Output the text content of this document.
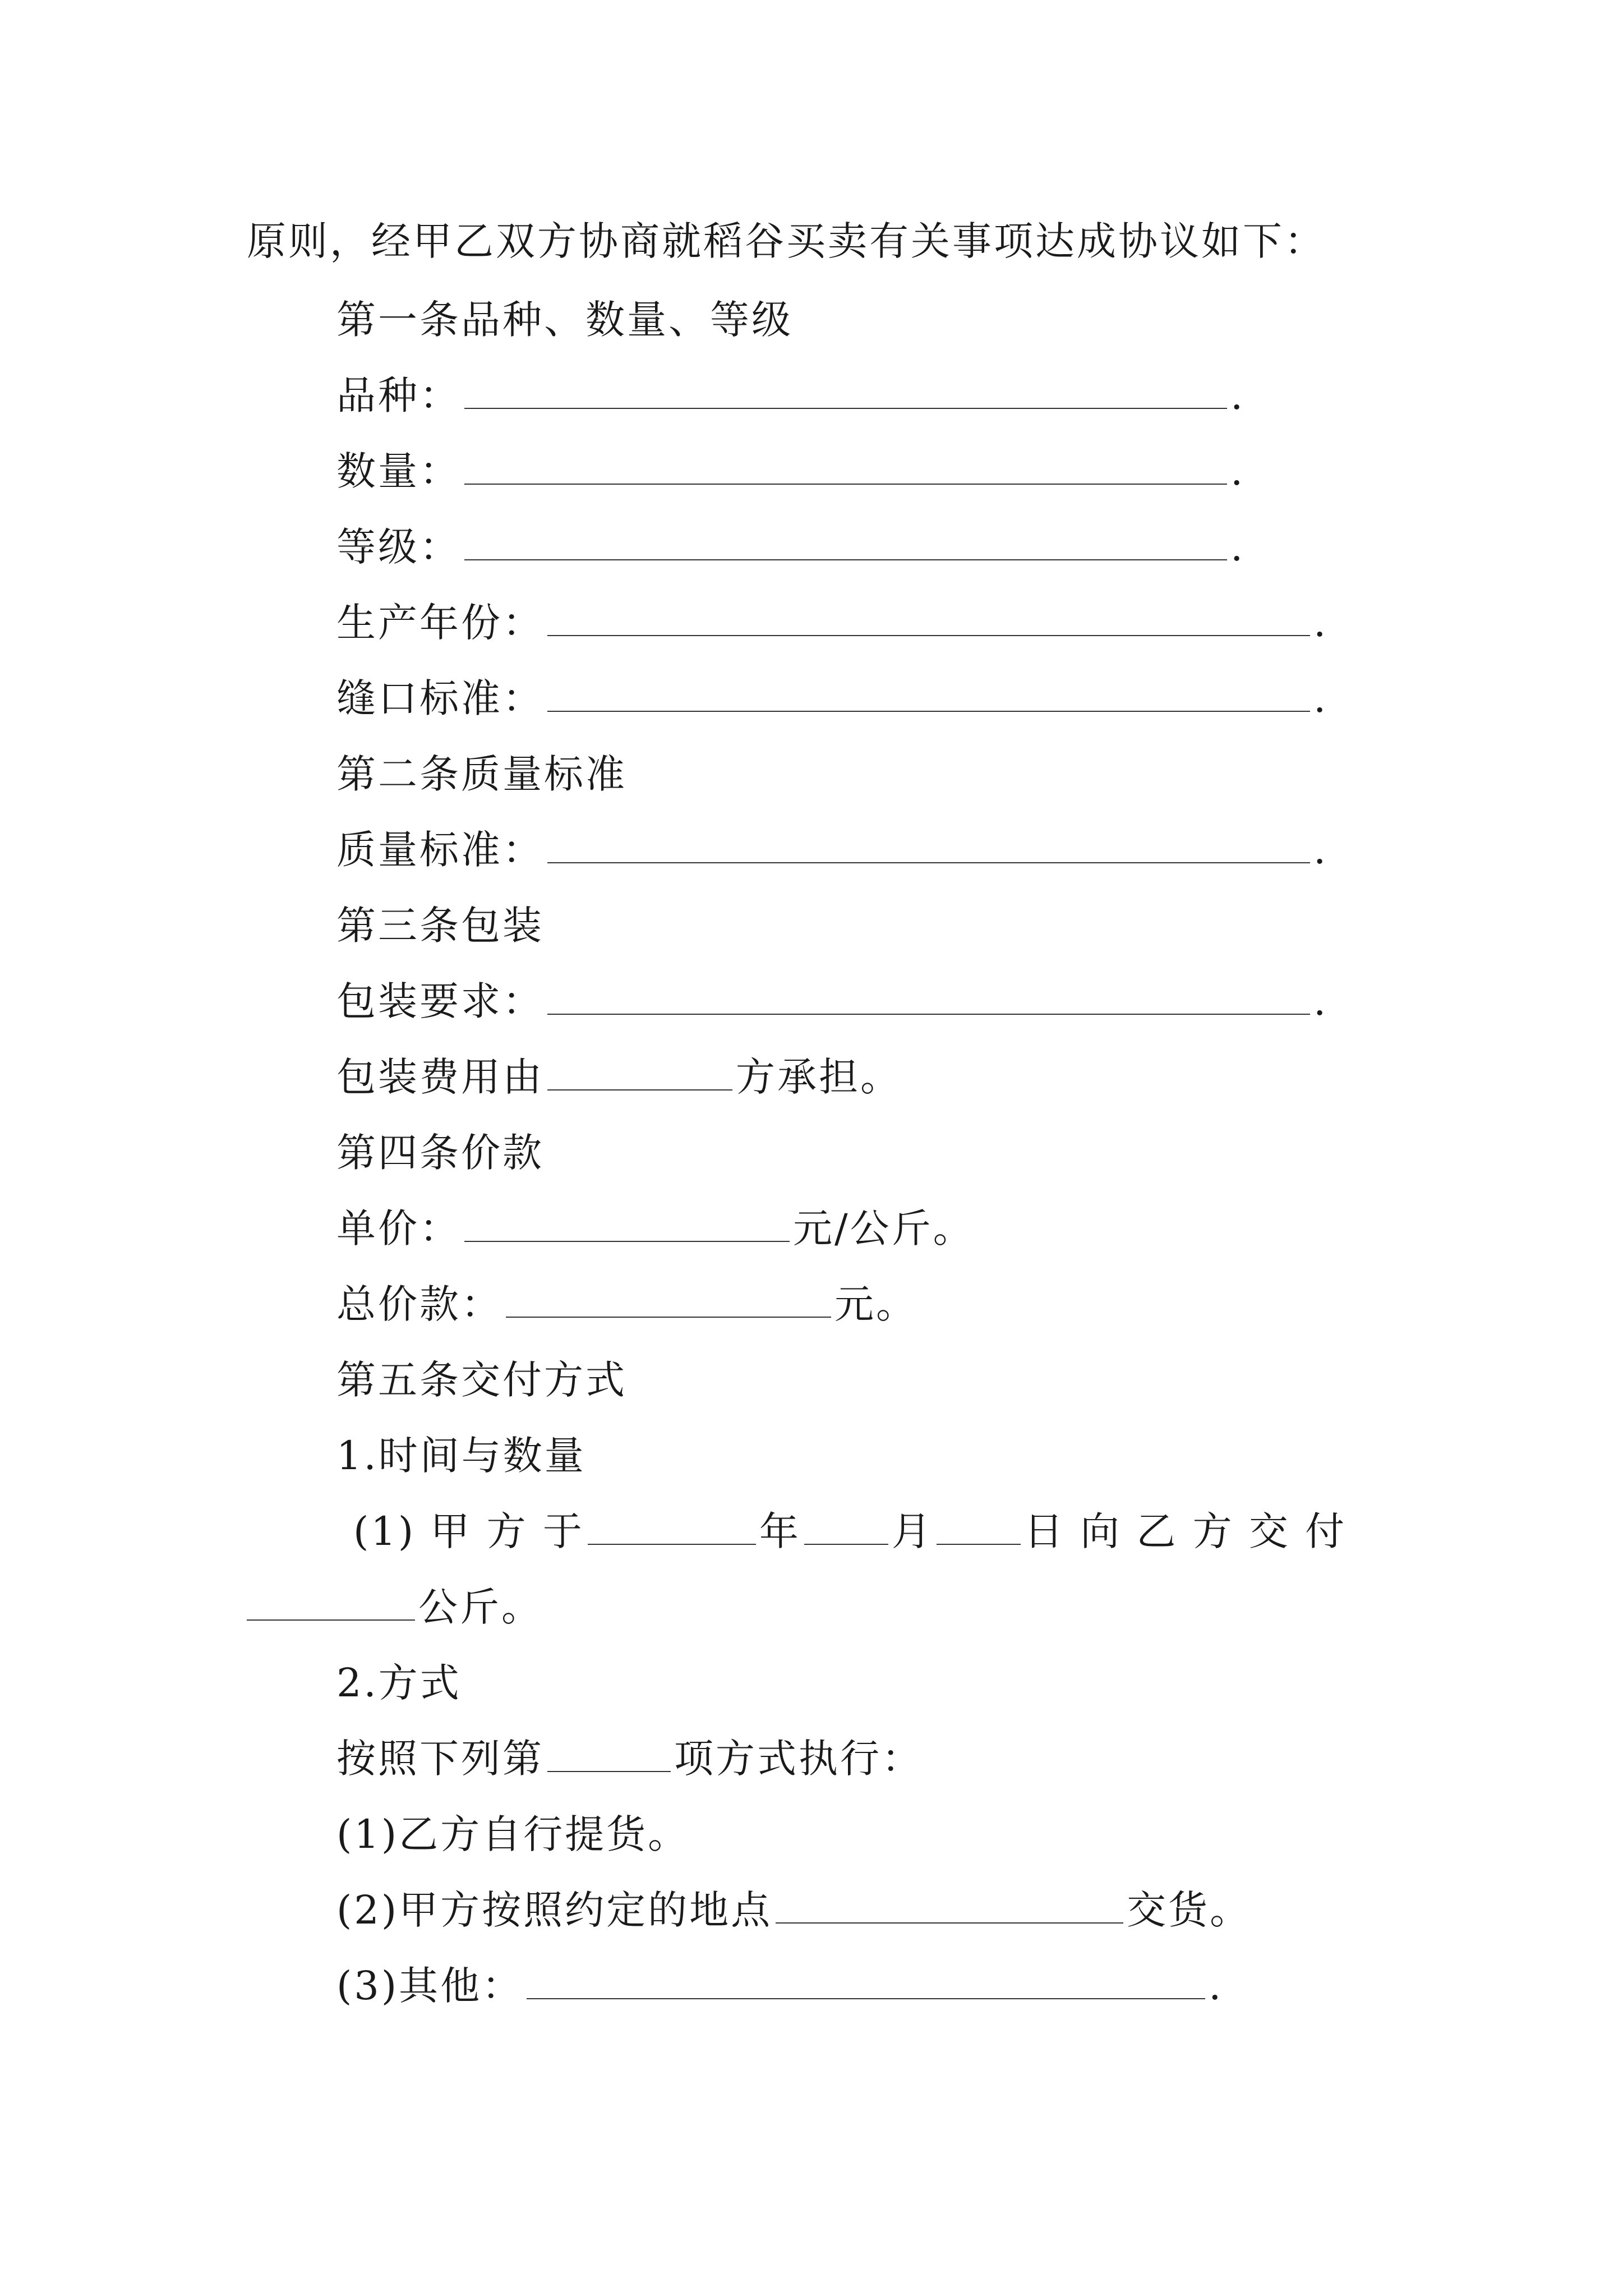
原则，经甲乙双方协商就稻谷买卖有关事项达成协议如下：
第一条品种、数量、等级
品种：	.
数量：	.
等级：	.
生产年份：	.
缝口标准：	.
第二条质量标准
质量标准：	.
第三条包装
包装要求：	.
包装费用由	方承担。
第四条价款
单价：	元/公斤。
总价款：	元。
第五条交付方式
1.时间与数量
(1) 甲 方 于	年 月 日 向 乙 方 交 付
公斤。
2.方式
按照下列第	项方式执行：
(1)乙方自行提货。
(2)甲方按照约定的地点	交货。
(3)其他：	.
